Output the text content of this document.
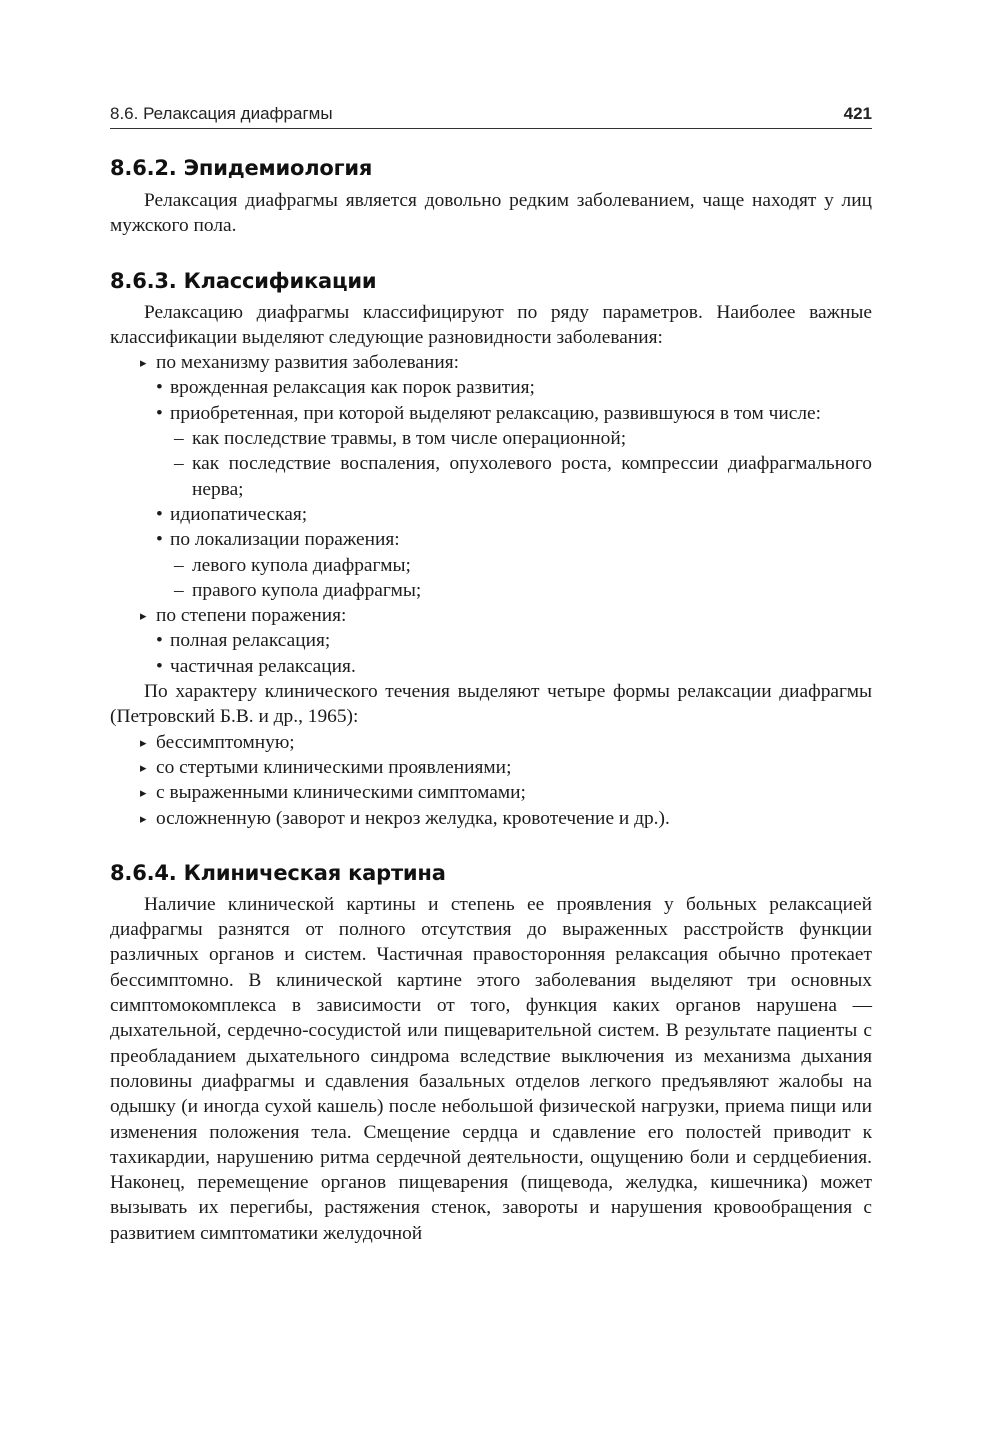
8.6. Релаксация диафрагмы	421
8.6.2. Эпидемиология

Релаксация диафрагмы является довольно редким заболеванием, чаще находят у лиц мужского пола.

8.6.3. Классификации

Релаксацию диафрагмы классифицируют по ряду параметров. Наиболее важные классификации выделяют следующие разновидности заболевания:

▸ по механизму развития заболевания:
• врожденная релаксация как порок развития;
• приобретенная, при которой выделяют релаксацию, развившуюся в том числе:
– как последствие травмы, в том числе операционной;
– как последствие воспаления, опухолевого роста, компрессии диафрагмального нерва;
• идиопатическая;
• по локализации поражения:
– левого купола диафрагмы;
– правого купола диафрагмы;
▸ по степени поражения:
• полная релаксация;
• частичная релаксация.

По характеру клинического течения выделяют четыре формы релаксации диафрагмы (Петровский Б.В. и др., 1965):

▸ бессимптомную;
▸ со стертыми клиническими проявлениями;
▸ с выраженными клиническими симптомами;
▸ осложненную (заворот и некроз желудка, кровотечение и др.).
8.6.4. Клиническая картина

Наличие клинической картины и степень ее проявления у больных релаксацией диафрагмы разнятся от полного отсутствия до выраженных расстройств функции различных органов и систем. Частичная правосторонняя релаксация обычно протекает бессимптомно. В клинической картине этого заболевания выделяют три основных симптомокомплекса в зависимости от того, функция каких органов нарушена — дыхательной, сердечно-сосудистой или пищеварительной систем. В результате пациенты с преобладанием дыхательного синдрома вследствие выключения из механизма дыхания половины диафрагмы и сдавления базальных отделов легкого предъявляют жалобы на одышку (и иногда сухой кашель) после небольшой физической нагрузки, приема пищи или изменения положения тела. Смещение сердца и сдавление его полостей приводит к тахикардии, нарушению ритма сердечной деятельности, ощущению боли и сердцебиения. Наконец, перемещение органов пищеварения (пищевода, желудка, кишечника) может вызывать их перегибы, растяжения стенок, завороты и нарушения кровообращения с развитием симптоматики желудочной
